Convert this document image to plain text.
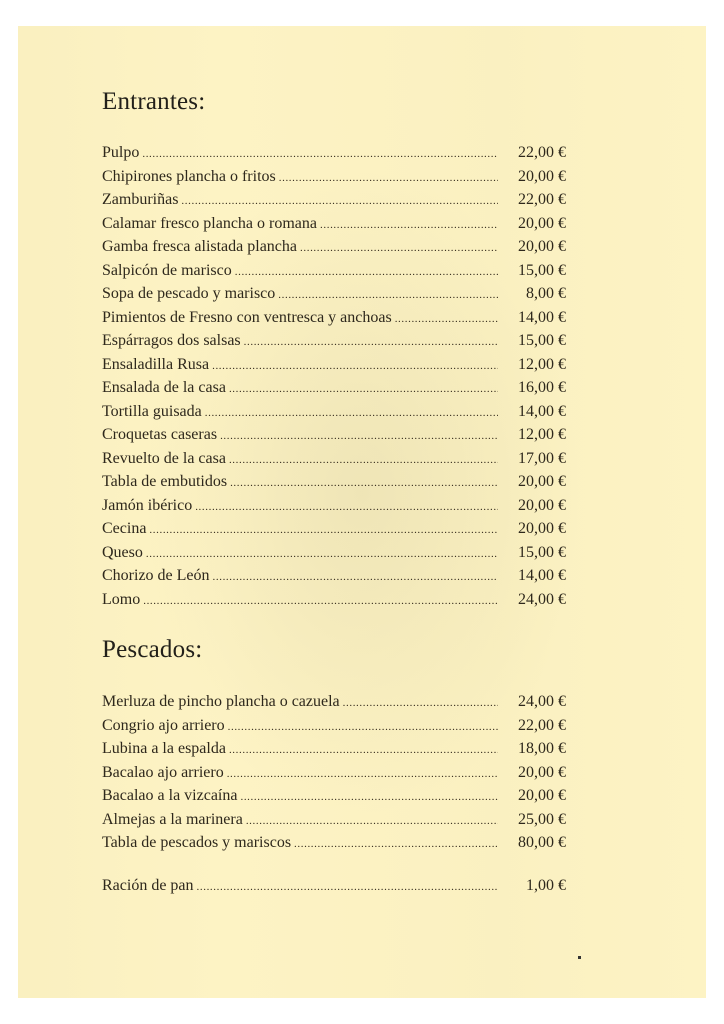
Entrantes:
Pulpo .....	22,00 €
Chipirones plancha o fritos .....	20,00 €
Zamburiñas .....	22,00 €
Calamar fresco plancha o romana .....	20,00 €
Gamba fresca alistada plancha .....	20,00 €
Salpicón de marisco .....	15,00 €
Sopa de pescado y marisco .....	8,00 €
Pimientos de Fresno con ventresca y anchoas .....	14,00 €
Espárragos dos salsas .....	15,00 €
Ensaladilla Rusa .....	12,00 €
Ensalada de la casa .....	16,00 €
Tortilla guisada .....	14,00 €
Croquetas caseras .....	12,00 €
Revuelto de la casa .....	17,00 €
Tabla de embutidos .....	20,00 €
Jamón ibérico .....	20,00 €
Cecina .....	20,00 €
Queso .....	15,00 €
Chorizo de León .....	14,00 €
Lomo .....	24,00 €
Pescados:
Merluza de pincho plancha o cazuela .....	24,00 €
Congrio ajo arriero .....	22,00 €
Lubina a la espalda .....	18,00 €
Bacalao ajo arriero .....	20,00 €
Bacalao a la vizcaína .....	20,00 €
Almejas a la marinera .....	25,00 €
Tabla de pescados y mariscos .....	80,00 €
Ración de pan .....	1,00 €
